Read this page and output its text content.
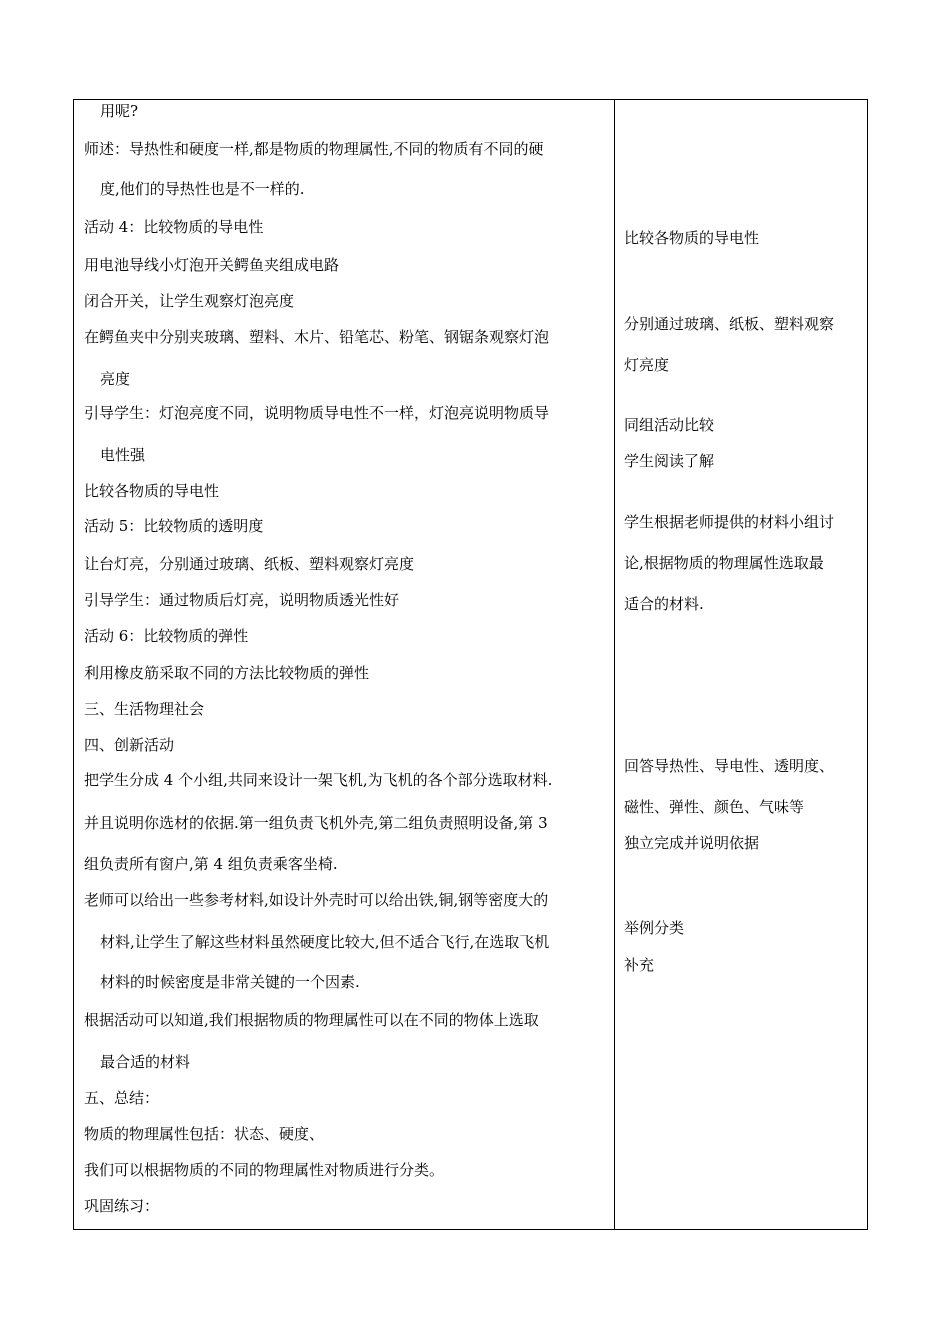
用呢?
师述：导热性和硬度一样,都是物质的物理属性,不同的物质有不同的硬
度,他们的导热性也是不一样的.
活动 4：比较物质的导电性
用电池导线小灯泡开关鳄鱼夹组成电路
闭合开关，让学生观察灯泡亮度
在鳄鱼夹中分别夹玻璃、塑料、木片、铅笔芯、粉笔、钢锯条观察灯泡
亮度
引导学生：灯泡亮度不同，说明物质导电性不一样，灯泡亮说明物质导
电性强
比较各物质的导电性
活动 5：比较物质的透明度
让台灯亮，分别通过玻璃、纸板、塑料观察灯亮度
引导学生：通过物质后灯亮，说明物质透光性好
活动 6：比较物质的弹性
利用橡皮筋采取不同的方法比较物质的弹性
三、生活物理社会
四、创新活动
把学生分成 4 个小组,共同来设计一架飞机,为飞机的各个部分选取材料.
并且说明你选材的依据.第一组负责飞机外壳,第二组负责照明设备,第 3
组负责所有窗户,第 4 组负责乘客坐椅.
老师可以给出一些参考材料,如设计外壳时可以给出铁,铜,钢等密度大的
材料,让学生了解这些材料虽然硬度比较大,但不适合飞行,在选取飞机
材料的时候密度是非常关键的一个因素.
根据活动可以知道,我们根据物质的物理属性可以在不同的物体上选取
最合适的材料
五、总结：
物质的物理属性包括：状态、硬度、
我们可以根据物质的不同的物理属性对物质进行分类。
巩固练习：
比较各物质的导电性
分别通过玻璃、纸板、塑料观察
灯亮度
同组活动比较
学生阅读了解
学生根据老师提供的材料小组讨
论,根据物质的物理属性选取最
适合的材料.
回答导热性、导电性、透明度、
磁性、弹性、颜色、气味等
独立完成并说明依据
举例分类
补充
